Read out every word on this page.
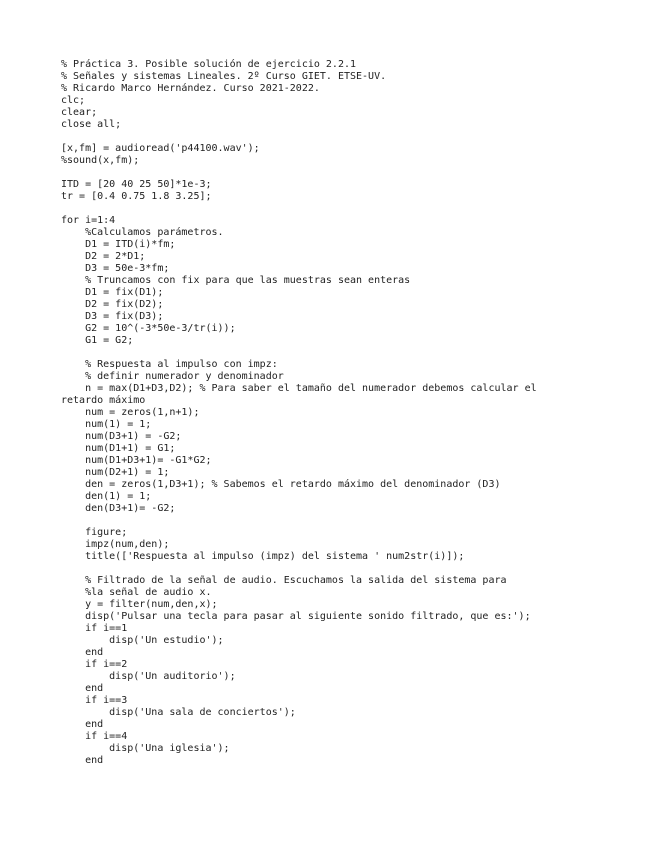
% Práctica 3. Posible solución de ejercicio 2.2.1
% Señales y sistemas Lineales. 2º Curso GIET. ETSE-UV.
% Ricardo Marco Hernández. Curso 2021-2022.
clc;
clear;
close all;
[x,fm] = audioread('p44100.wav');
%sound(x,fm);
ITD = [20 40 25 50]*1e-3;
tr = [0.4 0.75 1.8 3.25];
for i=1:4
%Calculamos parámetros.
D1 = ITD(i)*fm;
D2 = 2*D1;
D3 = 50e-3*fm;
% Truncamos con fix para que las muestras sean enteras
D1 = fix(D1);
D2 = fix(D2);
D3 = fix(D3);
G2 = 10^(-3*50e-3/tr(i));
G1 = G2;
% Respuesta al impulso con impz:
% definir numerador y denominador
n = max(D1+D3,D2); % Para saber el tamaño del numerador debemos calcular el
retardo máximo
num = zeros(1,n+1);
num(1) = 1;
num(D3+1) = -G2;
num(D1+1) = G1;
num(D1+D3+1)= -G1*G2;
num(D2+1) = 1;
den = zeros(1,D3+1); % Sabemos el retardo máximo del denominador (D3)
den(1) = 1;
den(D3+1)= -G2;
figure;
impz(num,den);
title(['Respuesta al impulso (impz) del sistema ' num2str(i)]);
% Filtrado de la señal de audio. Escuchamos la salida del sistema para
%la señal de audio x.
y = filter(num,den,x);
disp('Pulsar una tecla para pasar al siguiente sonido filtrado, que es:');
if i==1
disp('Un estudio');
end
if i==2
disp('Un auditorio');
end
if i==3
disp('Una sala de conciertos');
end
if i==4
disp('Una iglesia');
end
